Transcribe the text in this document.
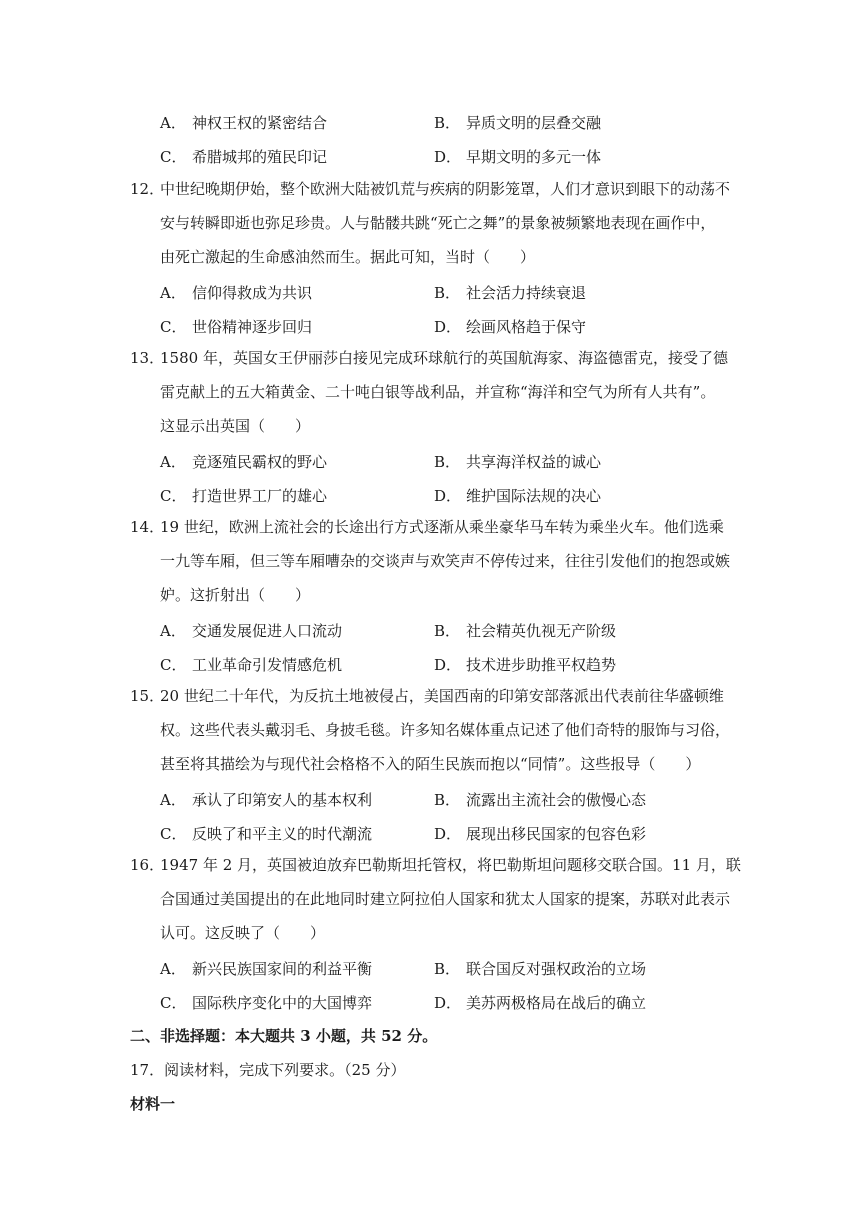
A． 神权王权的紧密结合	B． 异质文明的层叠交融
C． 希腊城邦的殖民印记	D． 早期文明的多元一体
12．
中世纪晚期伊始，整个欧洲大陆被饥荒与疾病的阴影笼罩，人们才意识到眼下的动荡不
安与转瞬即逝也弥足珍贵。人与骷髅共跳“死亡之舞”的景象被频繁地表现在画作中，
由死亡激起的生命感油然而生。据此可知，当时（　　）
A． 信仰得救成为共识	B． 社会活力持续衰退
C． 世俗精神逐步回归	D． 绘画风格趋于保守
13．
1580 年，英国女王伊丽莎白接见完成环球航行的英国航海家、海盗德雷克，接受了德
雷克献上的五大箱黄金、二十吨白银等战利品，并宣称“海洋和空气为所有人共有”。
这显示出英国（　　）
A． 竞逐殖民霸权的野心	B． 共享海洋权益的诚心
C． 打造世界工厂的雄心	D． 维护国际法规的决心
14．
19 世纪，欧洲上流社会的长途出行方式逐渐从乘坐豪华马车转为乘坐火车。他们选乘
一九等车厢，但三等车厢嘈杂的交谈声与欢笑声不停传过来，往往引发他们的抱怨或嫉
妒。这折射出（　　）
A． 交通发展促进人口流动	B． 社会精英仇视无产阶级
C． 工业革命引发情感危机	D． 技术进步助推平权趋势
15．
20 世纪二十年代，为反抗土地被侵占，美国西南的印第安部落派出代表前往华盛顿维
权。这些代表头戴羽毛、身披毛毯。许多知名媒体重点记述了他们奇特的服饰与习俗，
甚至将其描绘为与现代社会格格不入的陌生民族而抱以“同情”。这些报导（　　）
A． 承认了印第安人的基本权利	B． 流露出主流社会的傲慢心态
C． 反映了和平主义的时代潮流	D． 展现出移民国家的包容色彩
16．
1947 年 2 月，英国被迫放弃巴勒斯坦托管权，将巴勒斯坦问题移交联合国。11 月，联
合国通过美国提出的在此地同时建立阿拉伯人国家和犹太人国家的提案，苏联对此表示
认可。这反映了（　　）
A． 新兴民族国家间的利益平衡	B． 联合国反对强权政治的立场
C． 国际秩序变化中的大国博弈	D． 美苏两极格局在战后的确立
二、非选择题：本大题共 3 小题，共 52 分。
17．阅读材料，完成下列要求。（25 分）
材料一
